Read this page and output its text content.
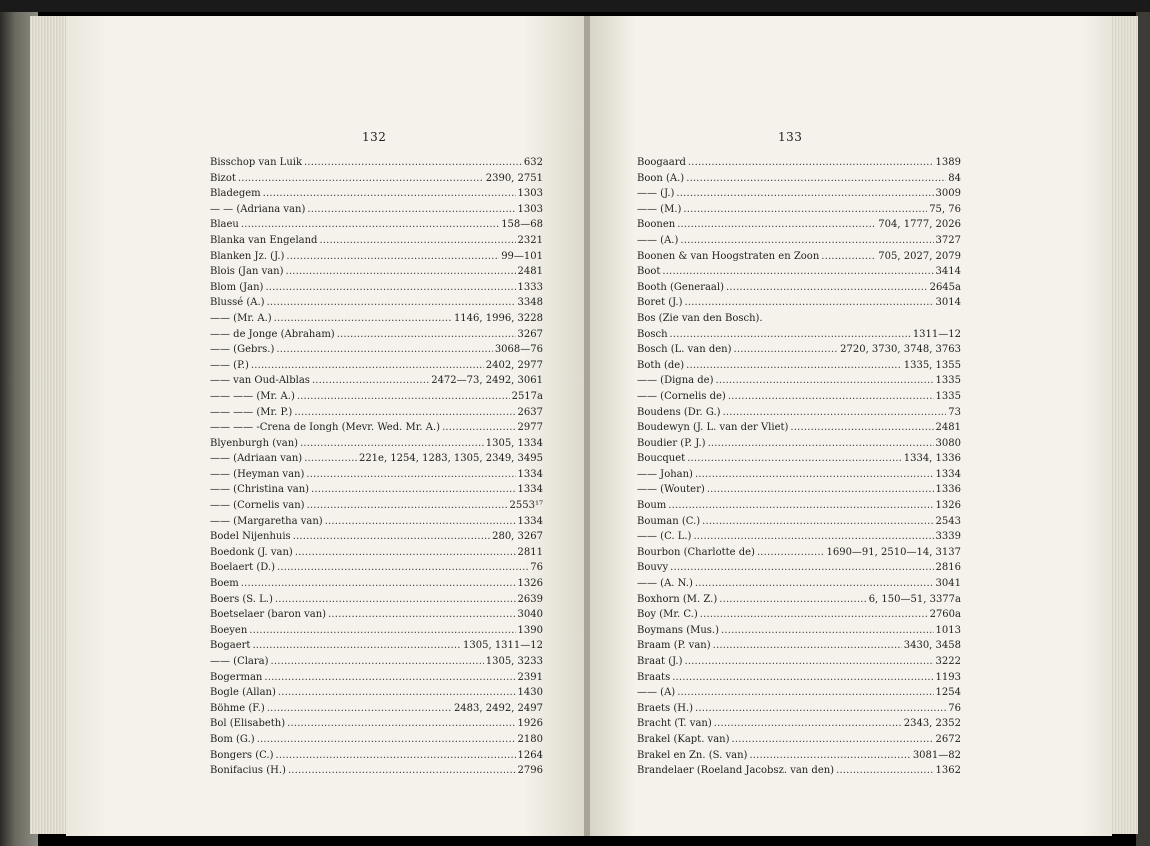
132	133
Bisschop van Luik . . .	632
Bizot . . .	2390, 2751
Bladegem . . .	1303
— — (Adriana van) . . .	1303
Blaeu . . .	158—68
Blanka van Engeland . . .	2321
Blanken Jz. (J.) . . .	99—101
Blois (Jan van) . . .	2481
Blom (Jan) . . .	1333
Blussé (A.) . . .	3348
—— (Mr. A.) . . .	1146, 1996, 3228
—— de Jonge (Abraham) . . .	3267
—— (Gebrs.) . . .	3068—76
—— (P.) . . .	2402, 2977
—— van Oud-Alblas . . .	2472—73, 2492, 3061
—— —— (Mr. A.) . . .	2517a
—— —— (Mr. P.) . . .	2637
—— —— -Crena de Iongh (Mevr. Wed. Mr. A.) . . .	2977
Blyenburgh (van) . . .	1305, 1334
—— (Adriaan van) . . .	221e, 1254, 1283, 1305, 2349, 3495
—— (Heyman van) . . .	1334
—— (Christina van) . . .	1334
—— (Cornelis van) . . .	2553¹⁷
—— (Margaretha van) . . .	1334
Bodel Nijenhuis . . .	280, 3267
Boedonk (J. van) . . .	2811
Boelaert (D.) . . .	76
Boem . . .	1326
Boers (S. L.) . . .	2639
Boetselaer (baron van) . . .	3040
Boeyen . . .	1390
Bogaert . . .	1305, 1311—12
—— (Clara) . . .	1305, 3233
Bogerman . . .	2391
Bogle (Allan) . . .	1430
Böhme (F.) . . .	2483, 2492, 2497
Bol (Elisabeth) . . .	1926
Bom (G.) . . .	2180
Bongers (C.) . . .	1264
Bonifacius (H.) . . .	2796
Boogaard . . .	1389
Boon (A.) . . .	84
—— (J.) . . .	3009
—— (M.) . . .	75, 76
Boonen . . .	704, 1777, 2026
—— (A.) . . .	3727
Boonen & van Hoogstraten en Zoon . . .	705, 2027, 2079
Boot . . .	3414
Booth (Generaal) . . .	2645a
Boret (J.) . . .	3014
Bos (Zie van den Bosch).
Bosch . . .	1311—12
Bosch (L. van den) . . .	2720, 3730, 3748, 3763
Both (de) . . .	1335, 1355
—— (Digna de) . . .	1335
—— (Cornelis de) . . .	1335
Boudens (Dr. G.) . . .	73
Boudewyn (J. L. van der Vliet) . . .	2481
Boudier (P. J.) . . .	3080
Boucquet . . .	1334, 1336
—— Johan) . . .	1334
—— (Wouter) . . .	1336
Boum . . .	1326
Bouman (C.) . . .	2543
—— (C. L.) . . .	3339
Bourbon (Charlotte de) . . .	1690—91, 2510—14, 3137
Bouvy . . .	2816
—— (A. N.) . . .	3041
Boxhorn (M. Z.) . . .	6, 150—51, 3377a
Boy (Mr. C.) . . .	2760a
Boymans (Mus.) . . .	1013
Braam (P. van) . . .	3430, 3458
Braat (J.) . . .	3222
Braats . . .	1193
—— (A) . . .	1254
Braets (H.) . . .	76
Bracht (T. van) . . .	2343, 2352
Brakel (Kapt. van) . . .	2672
Brakel en Zn. (S. van) . . .	3081—82
Brandelaer (Roeland Jacobsz. van den) . . .	1362
